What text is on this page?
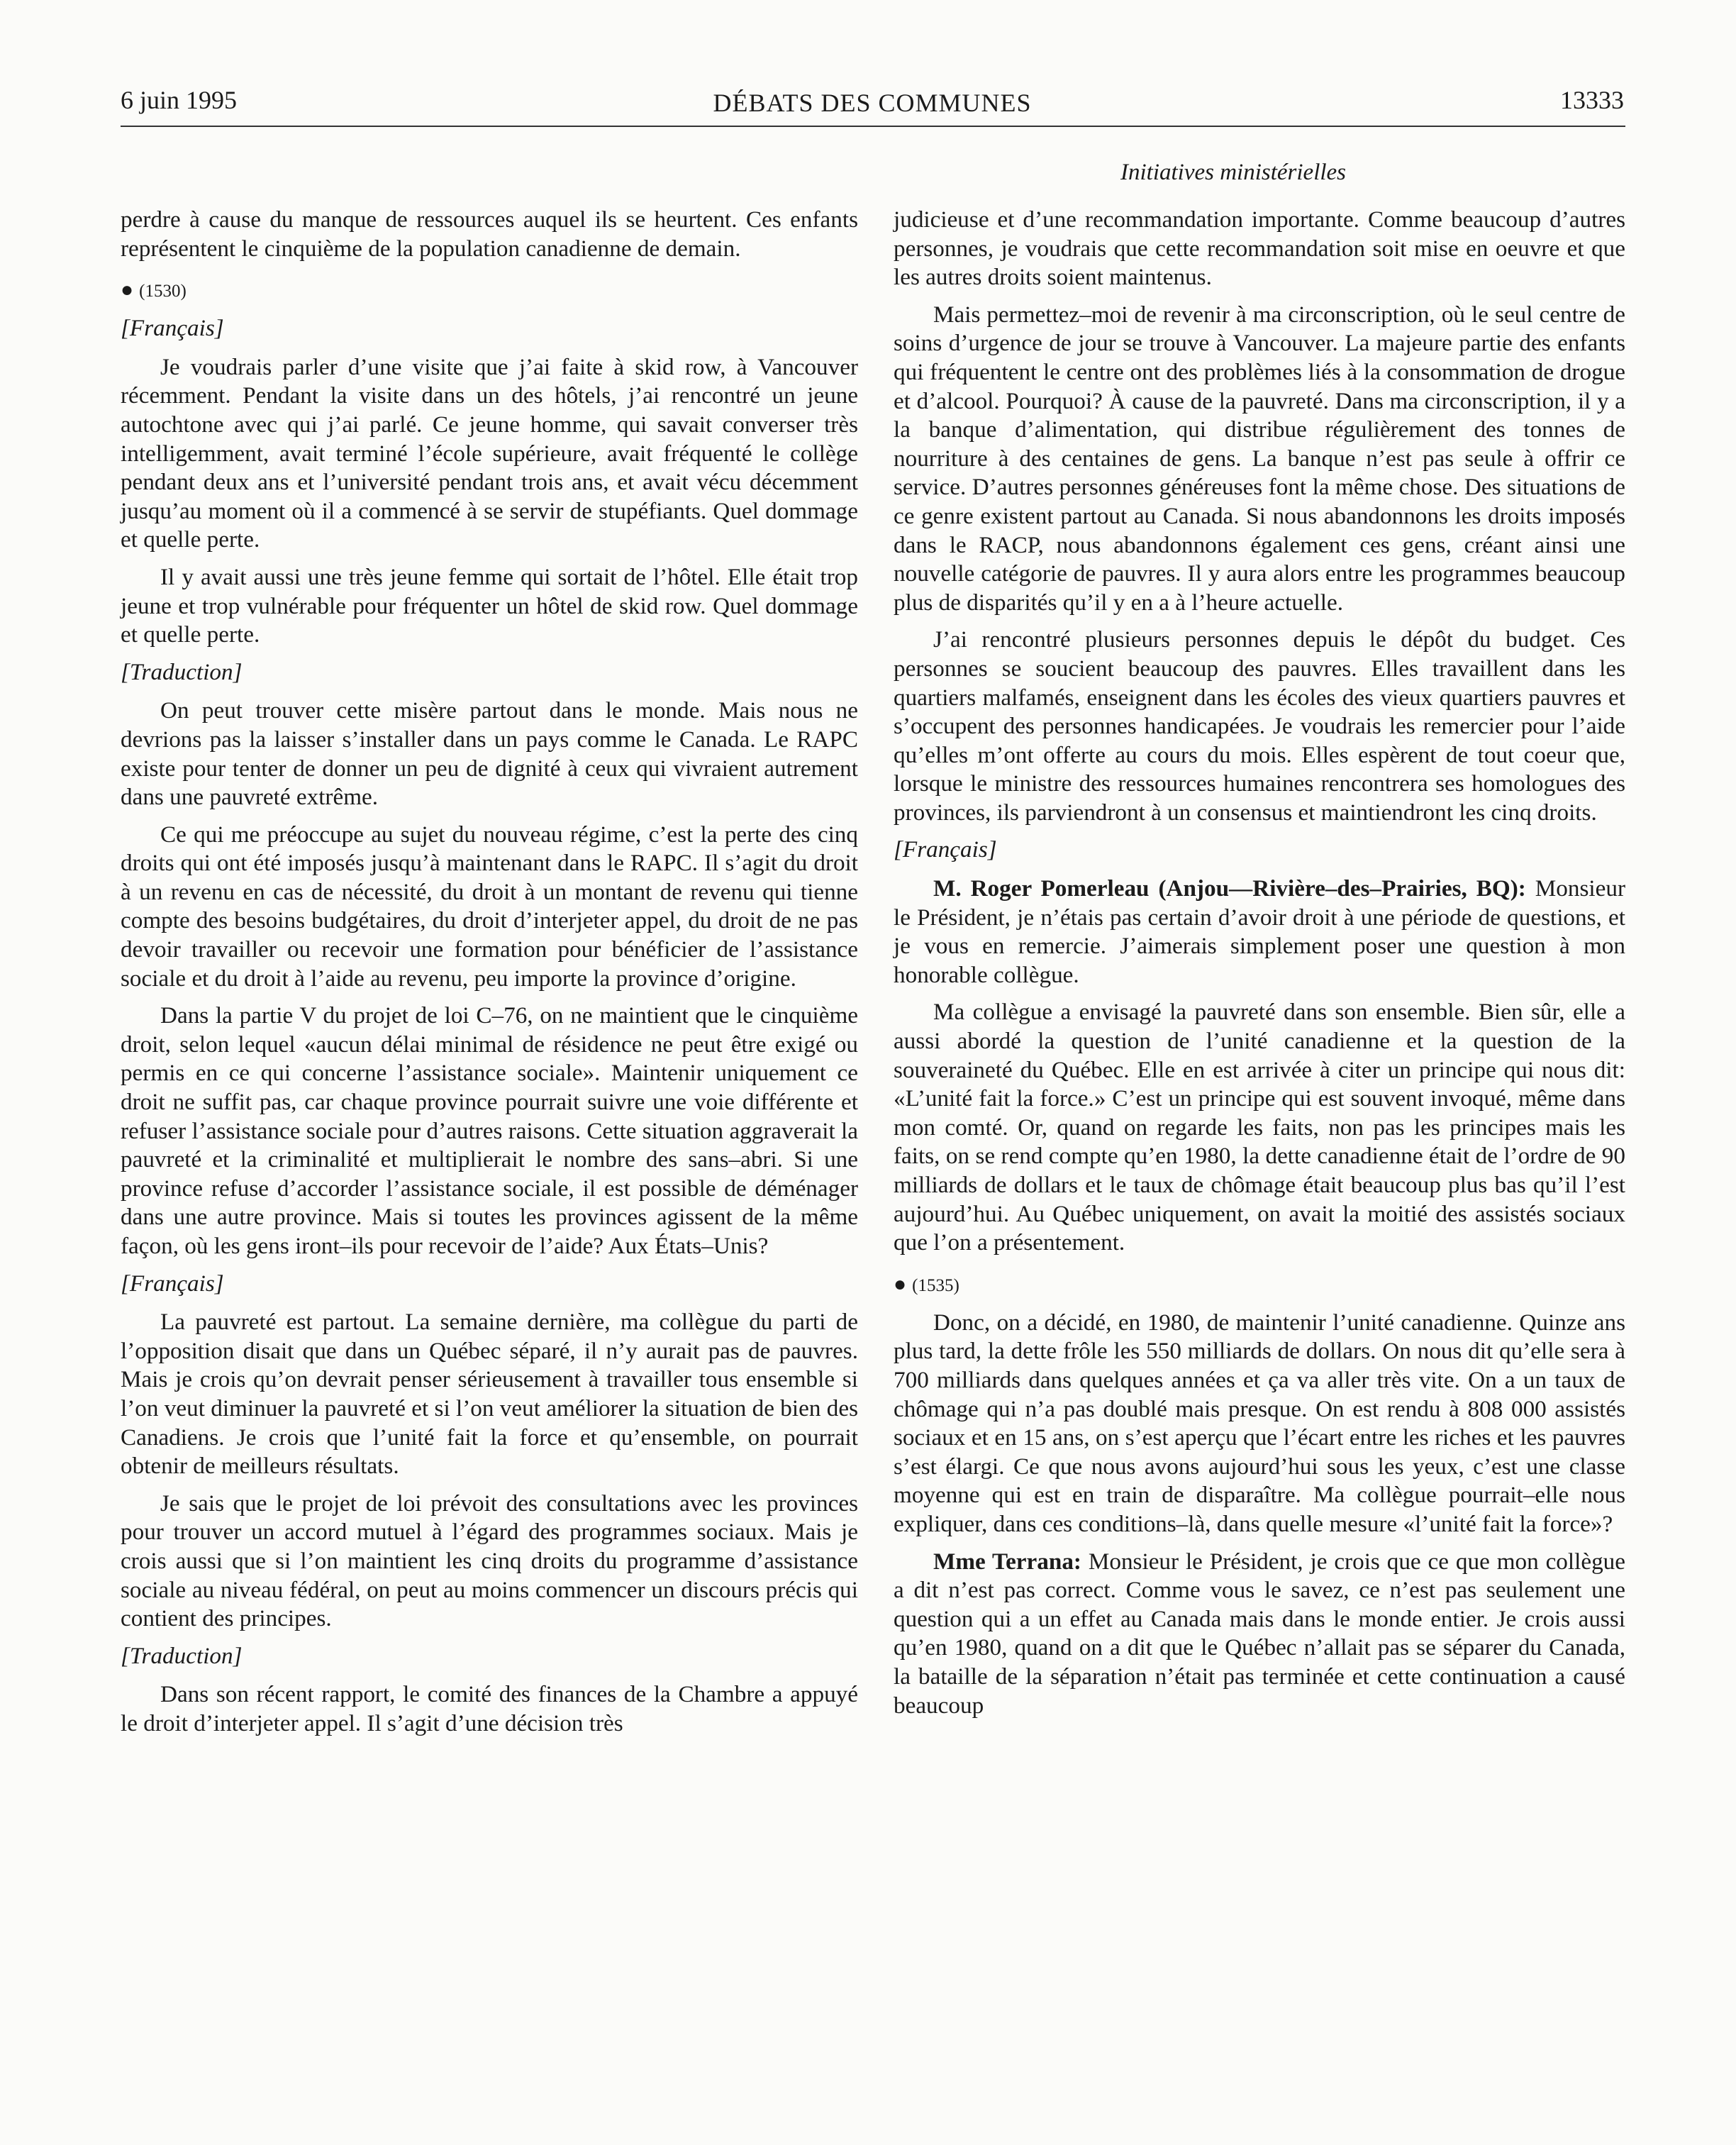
6 juin 1995	DÉBATS DES COMMUNES	13333
Initiatives ministérielles

perdre à cause du manque de ressources auquel ils se heurtent. Ces enfants représentent le cinquième de la population canadienne de demain.

● (1530)
[Français]

Je voudrais parler d’une visite que j’ai faite à skid row, à Vancouver récemment. Pendant la visite dans un des hôtels, j’ai rencontré un jeune autochtone avec qui j’ai parlé. Ce jeune homme, qui savait converser très intelligemment, avait terminé l’école supérieure, avait fréquenté le collège pendant deux ans et l’université pendant trois ans, et avait vécu décemment jusqu’au moment où il a commencé à se servir de stupéfiants. Quel dommage et quelle perte.

Il y avait aussi une très jeune femme qui sortait de l’hôtel. Elle était trop jeune et trop vulnérable pour fréquenter un hôtel de skid row. Quel dommage et quelle perte.

[Traduction]

On peut trouver cette misère partout dans le monde. Mais nous ne devrions pas la laisser s’installer dans un pays comme le Canada. Le RAPC existe pour tenter de donner un peu de dignité à ceux qui vivraient autrement dans une pauvreté extrême.

Ce qui me préoccupe au sujet du nouveau régime, c’est la perte des cinq droits qui ont été imposés jusqu’à maintenant dans le RAPC. Il s’agit du droit à un revenu en cas de nécessité, du droit à un montant de revenu qui tienne compte des besoins budgétaires, du droit d’interjeter appel, du droit de ne pas devoir travailler ou recevoir une formation pour bénéficier de l’assistance sociale et du droit à l’aide au revenu, peu importe la province d’origine.

Dans la partie V du projet de loi C–76, on ne maintient que le cinquième droit, selon lequel «aucun délai minimal de résidence ne peut être exigé ou permis en ce qui concerne l’assistance sociale». Maintenir uniquement ce droit ne suffit pas, car chaque province pourrait suivre une voie différente et refuser l’assistance sociale pour d’autres raisons. Cette situation aggraverait la pauvreté et la criminalité et multiplierait le nombre des sans–abri. Si une province refuse d’accorder l’assistance sociale, il est possible de déménager dans une autre province. Mais si toutes les provinces agissent de la même façon, où les gens iront–ils pour recevoir de l’aide? Aux États–Unis?

[Français]

La pauvreté est partout. La semaine dernière, ma collègue du parti de l’opposition disait que dans un Québec séparé, il n’y aurait pas de pauvres. Mais je crois qu’on devrait penser sérieusement à travailler tous ensemble si l’on veut diminuer la pauvreté et si l’on veut améliorer la situation de bien des Canadiens. Je crois que l’unité fait la force et qu’ensemble, on pourrait obtenir de meilleurs résultats.

Je sais que le projet de loi prévoit des consultations avec les provinces pour trouver un accord mutuel à l’égard des programmes sociaux. Mais je crois aussi que si l’on maintient les cinq droits du programme d’assistance sociale au niveau fédéral, on peut au moins commencer un discours précis qui contient des principes.

[Traduction]

Dans son récent rapport, le comité des finances de la Chambre a appuyé le droit d’interjeter appel. Il s’agit d’une décision très

judicieuse et d’une recommandation importante. Comme beaucoup d’autres personnes, je voudrais que cette recommandation soit mise en oeuvre et que les autres droits soient maintenus.

Mais permettez–moi de revenir à ma circonscription, où le seul centre de soins d’urgence de jour se trouve à Vancouver. La majeure partie des enfants qui fréquentent le centre ont des problèmes liés à la consommation de drogue et d’alcool. Pourquoi? À cause de la pauvreté. Dans ma circonscription, il y a la banque d’alimentation, qui distribue régulièrement des tonnes de nourriture à des centaines de gens. La banque n’est pas seule à offrir ce service. D’autres personnes généreuses font la même chose. Des situations de ce genre existent partout au Canada. Si nous abandonnons les droits imposés dans le RACP, nous abandonnons également ces gens, créant ainsi une nouvelle catégorie de pauvres. Il y aura alors entre les programmes beaucoup plus de disparités qu’il y en a à l’heure actuelle.

J’ai rencontré plusieurs personnes depuis le dépôt du budget. Ces personnes se soucient beaucoup des pauvres. Elles travaillent dans les quartiers malfamés, enseignent dans les écoles des vieux quartiers pauvres et s’occupent des personnes handicapées. Je voudrais les remercier pour l’aide qu’elles m’ont offerte au cours du mois. Elles espèrent de tout coeur que, lorsque le ministre des ressources humaines rencontrera ses homologues des provinces, ils parviendront à un consensus et maintiendront les cinq droits.

[Français]

M. Roger Pomerleau (Anjou—Rivière–des–Prairies, BQ): Monsieur le Président, je n’étais pas certain d’avoir droit à une période de questions, et je vous en remercie. J’aimerais simplement poser une question à mon honorable collègue.

Ma collègue a envisagé la pauvreté dans son ensemble. Bien sûr, elle a aussi abordé la question de l’unité canadienne et la question de la souveraineté du Québec. Elle en est arrivée à citer un principe qui nous dit: «L’unité fait la force.» C’est un principe qui est souvent invoqué, même dans mon comté. Or, quand on regarde les faits, non pas les principes mais les faits, on se rend compte qu’en 1980, la dette canadienne était de l’ordre de 90 milliards de dollars et le taux de chômage était beaucoup plus bas qu’il l’est aujourd’hui. Au Québec uniquement, on avait la moitié des assistés sociaux que l’on a présentement.

● (1535)

Donc, on a décidé, en 1980, de maintenir l’unité canadienne. Quinze ans plus tard, la dette frôle les 550 milliards de dollars. On nous dit qu’elle sera à 700 milliards dans quelques années et ça va aller très vite. On a un taux de chômage qui n’a pas doublé mais presque. On est rendu à 808 000 assistés sociaux et en 15 ans, on s’est aperçu que l’écart entre les riches et les pauvres s’est élargi. Ce que nous avons aujourd’hui sous les yeux, c’est une classe moyenne qui est en train de disparaître. Ma collègue pourrait–elle nous expliquer, dans ces conditions–là, dans quelle mesure «l’unité fait la force»?

Mme Terrana: Monsieur le Président, je crois que ce que mon collègue a dit n’est pas correct. Comme vous le savez, ce n’est pas seulement une question qui a un effet au Canada mais dans le monde entier. Je crois aussi qu’en 1980, quand on a dit que le Québec n’allait pas se séparer du Canada, la bataille de la séparation n’était pas terminée et cette continuation a causé beaucoup
